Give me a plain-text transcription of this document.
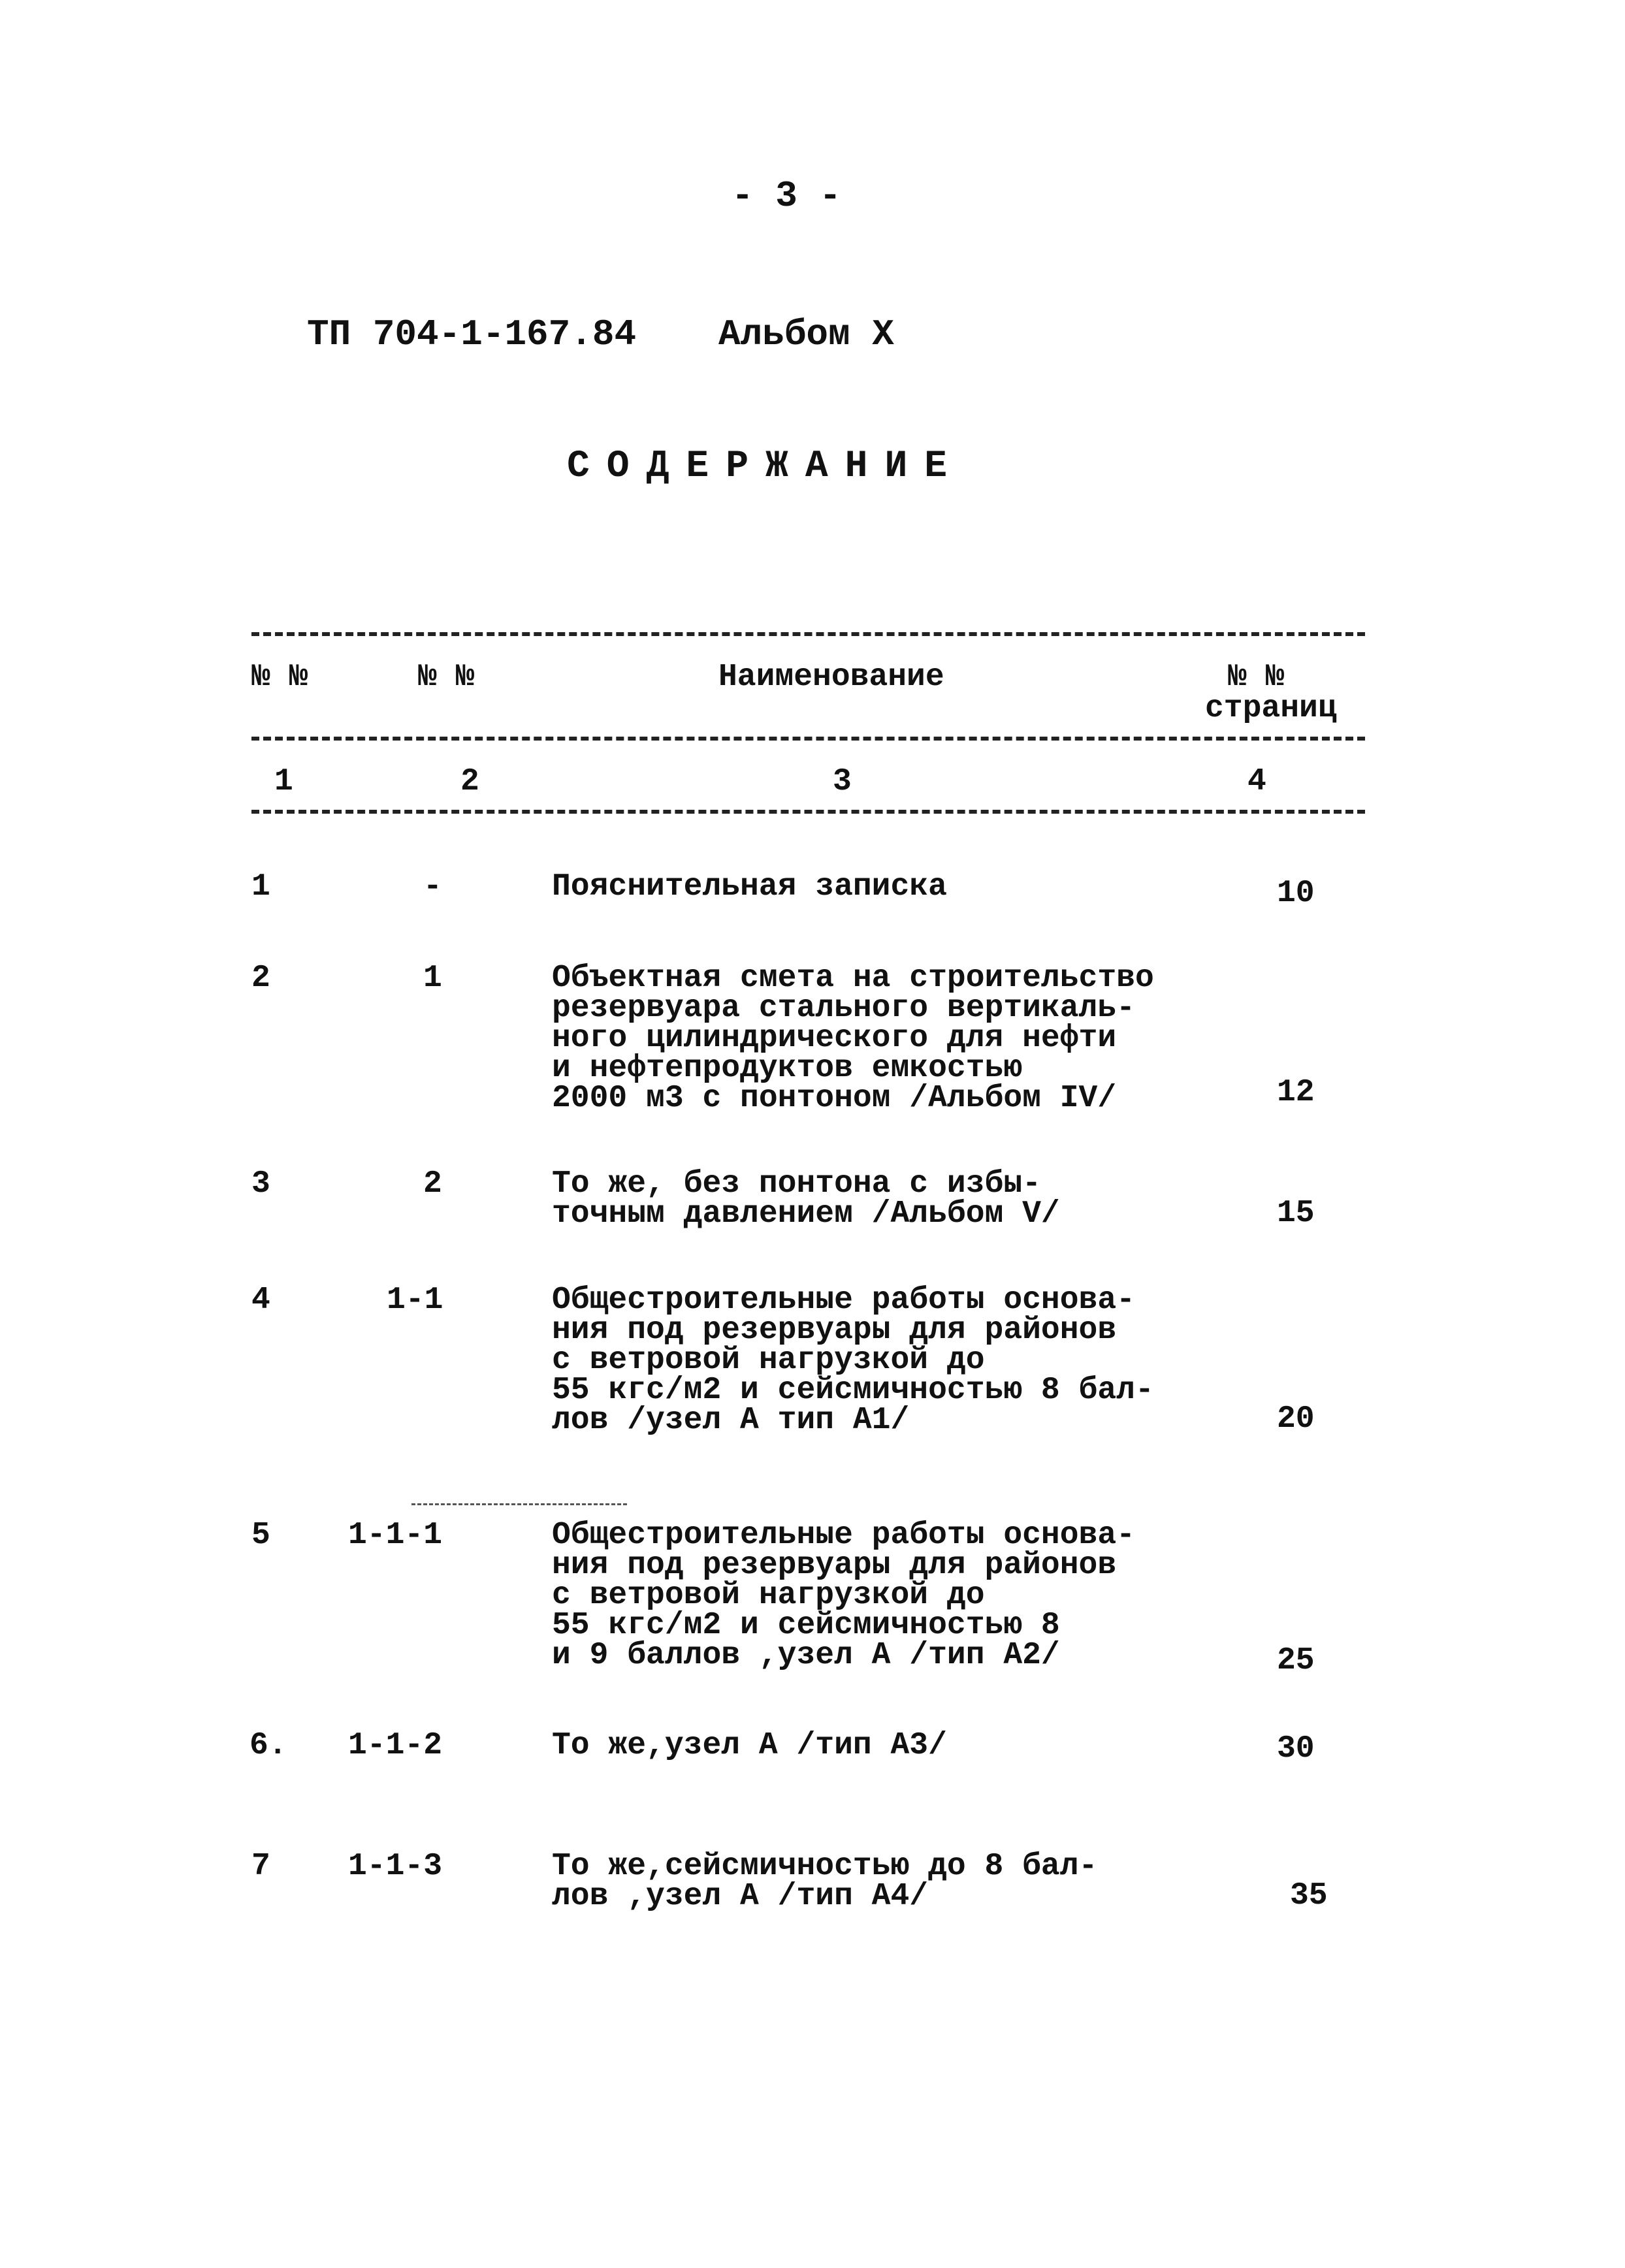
- 3 -
ТП 704-1-167.84 Альбом X
СОДЕРЖАНИЕ
№ №	№ №	Наименование	№ №
страниц
1	2	3	4
1	-	Пояснительная записка	10
2	1	Объектная смета на строительство
резервуара стального вертикаль-
ного цилиндрического для нефти
и нефтепродуктов емкостью
2000 м3 с понтоном /Альбом IV/	12
3	2	То же, без понтона с избы-
точным давлением /Альбом V/	15
4	1-1	Общестроительные работы основа-
ния под резервуары для районов
с ветровой нагрузкой до
55 кгс/м2 и сейсмичностью 8 бал-
лов /узел А тип А1/	20
5 1-1-1	Общестроительные работы основа-
ния под резервуары для районов
с ветровой нагрузкой до
55 кгс/м2 и сейсмичностью 8
и 9 баллов ,узел А /тип А2/	25
6. 1-1-2	То же,узел А /тип А3/	30
7 1-1-3	То же,сейсмичностью до 8 бал-
лов ,узел А /тип А4/	35
